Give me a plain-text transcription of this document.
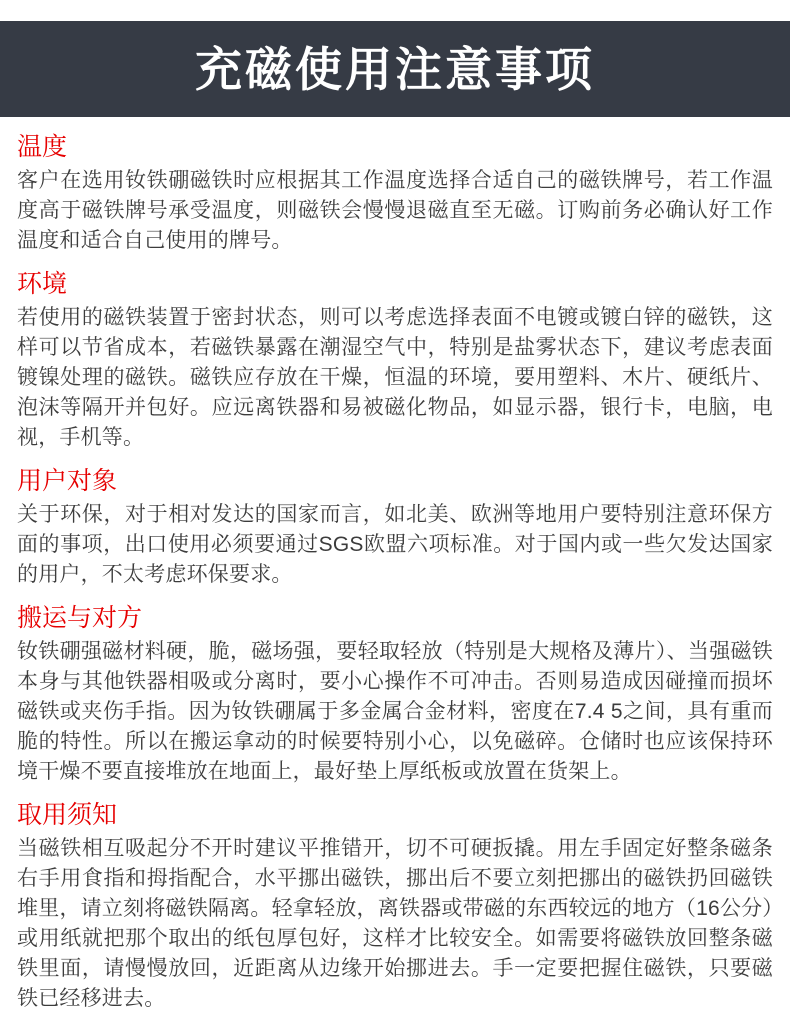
充磁使用注意事项
温度

客户在选用钕铁硼磁铁时应根据其工作温度选择合适自己的磁铁牌号，若工作温度高于磁铁牌号承受温度，则磁铁会慢慢退磁直至无磁。订购前务必确认好工作温度和适合自己使用的牌号。

环境

若使用的磁铁装置于密封状态，则可以考虑选择表面不电镀或镀白锌的磁铁，这样可以节省成本，若磁铁暴露在潮湿空气中，特别是盐雾状态下，建议考虑表面镀镍处理的磁铁。磁铁应存放在干燥，恒温的环境，要用塑料、木片、硬纸片、泡沫等隔开并包好。应远离铁器和易被磁化物品，如显示器，银行卡，电脑，电视，手机等。

用户对象

关于环保，对于相对发达的国家而言，如北美、欧洲等地用户要特别注意环保方面的事项，出口使用必须要通过SGS欧盟六项标准。对于国内或一些欠发达国家的用户，不太考虑环保要求。

搬运与对方

钕铁硼强磁材料硬，脆，磁场强，要轻取轻放（特别是大规格及薄片）、当强磁铁本身与其他铁器相吸或分离时，要小心操作不可冲击。否则易造成因碰撞而损坏磁铁或夹伤手指。因为钕铁硼属于多金属合金材料，密度在7.4 5之间，具有重而脆的特性。所以在搬运拿动的时候要特别小心，以免磁碎。仓储时也应该保持环境干燥不要直接堆放在地面上，最好垫上厚纸板或放置在货架上。

取用须知

当磁铁相互吸起分不开时建议平推错开，切不可硬扳撬。用左手固定好整条磁条右手用食指和拇指配合，水平挪出磁铁，挪出后不要立刻把挪出的磁铁扔回磁铁堆里，请立刻将磁铁隔离。轻拿轻放，离铁器或带磁的东西较远的地方（16公分）或用纸就把那个取出的纸包厚包好，这样才比较安全。如需要将磁铁放回整条磁铁里面，请慢慢放回，近距离从边缘开始挪进去。手一定要把握住磁铁，只要磁铁已经移进去。
